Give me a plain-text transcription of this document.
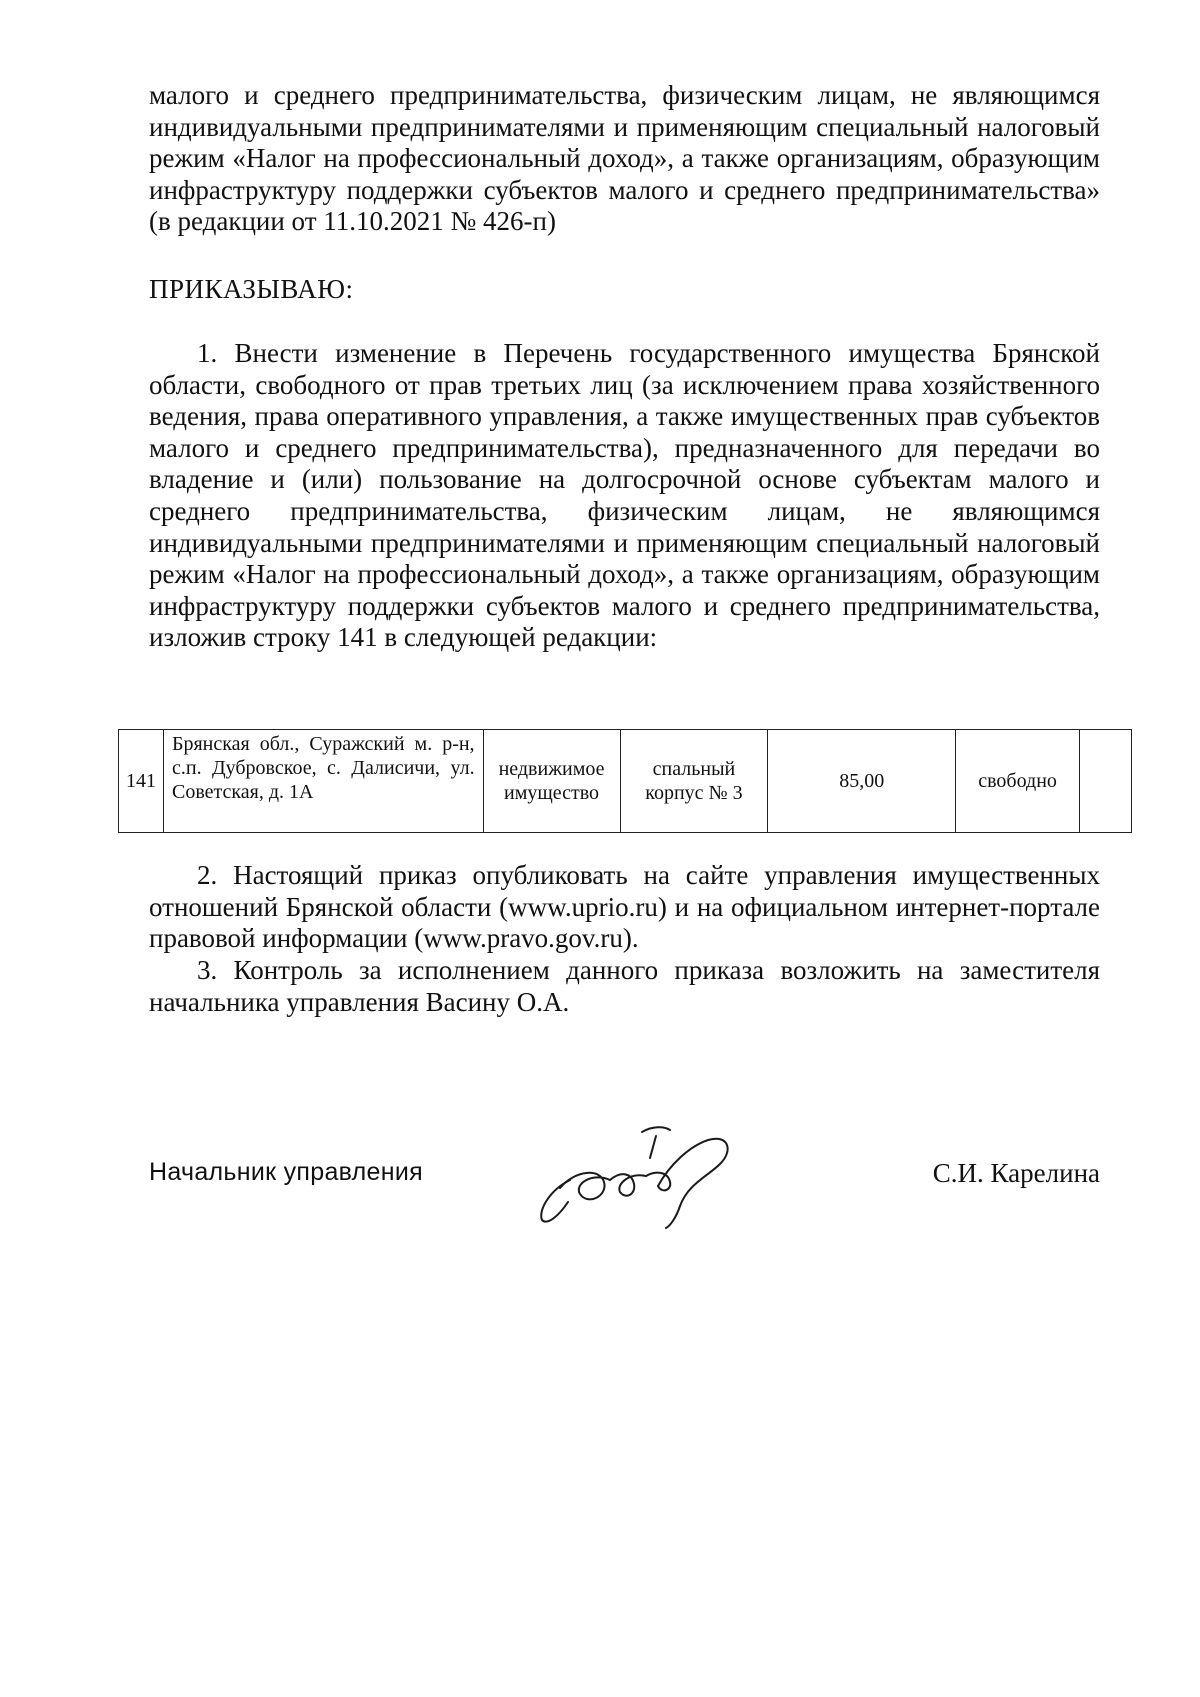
малого и среднего предпринимательства, физическим лицам, не являющимся индивидуальными предпринимателями и применяющим специальный налоговый режим «Налог на профессиональный доход», а также организациям, образующим инфраструктуру поддержки субъектов малого и среднего предпринимательства» (в редакции от 11.10.2021 № 426-п)

ПРИКАЗЫВАЮ:

1. Внести изменение в Перечень государственного имущества Брянской области, свободного от прав третьих лиц (за исключением права хозяйственного ведения, права оперативного управления, а также имущественных прав субъектов малого и среднего предпринимательства), предназначенного для передачи во владение и (или) пользование на долгосрочной основе субъектам малого и среднего предпринимательства, физическим лицам, не являющимся индивидуальными предпринимателями и применяющим специальный налоговый режим «Налог на профессиональный доход», а также организациям, образующим инфраструктуру поддержки субъектов малого и среднего предпринимательства, изложив строку 141 в следующей редакции:

141	Брянская обл., Суражский м. р-н, с.п. Дубровское, с. Далисичи, ул. Советская, д. 1А	недвижимое имущество	спальный корпус № 3	85,00	свободно	

2. Настоящий приказ опубликовать на сайте управления имущественных отношений Брянской области (www.uprio.ru) и на официальном интернет-портале правовой информации (www.pravo.gov.ru).

3. Контроль за исполнением данного приказа возложить на заместителя начальника управления Васину О.А.

Начальник управления	С.И. Карелина
